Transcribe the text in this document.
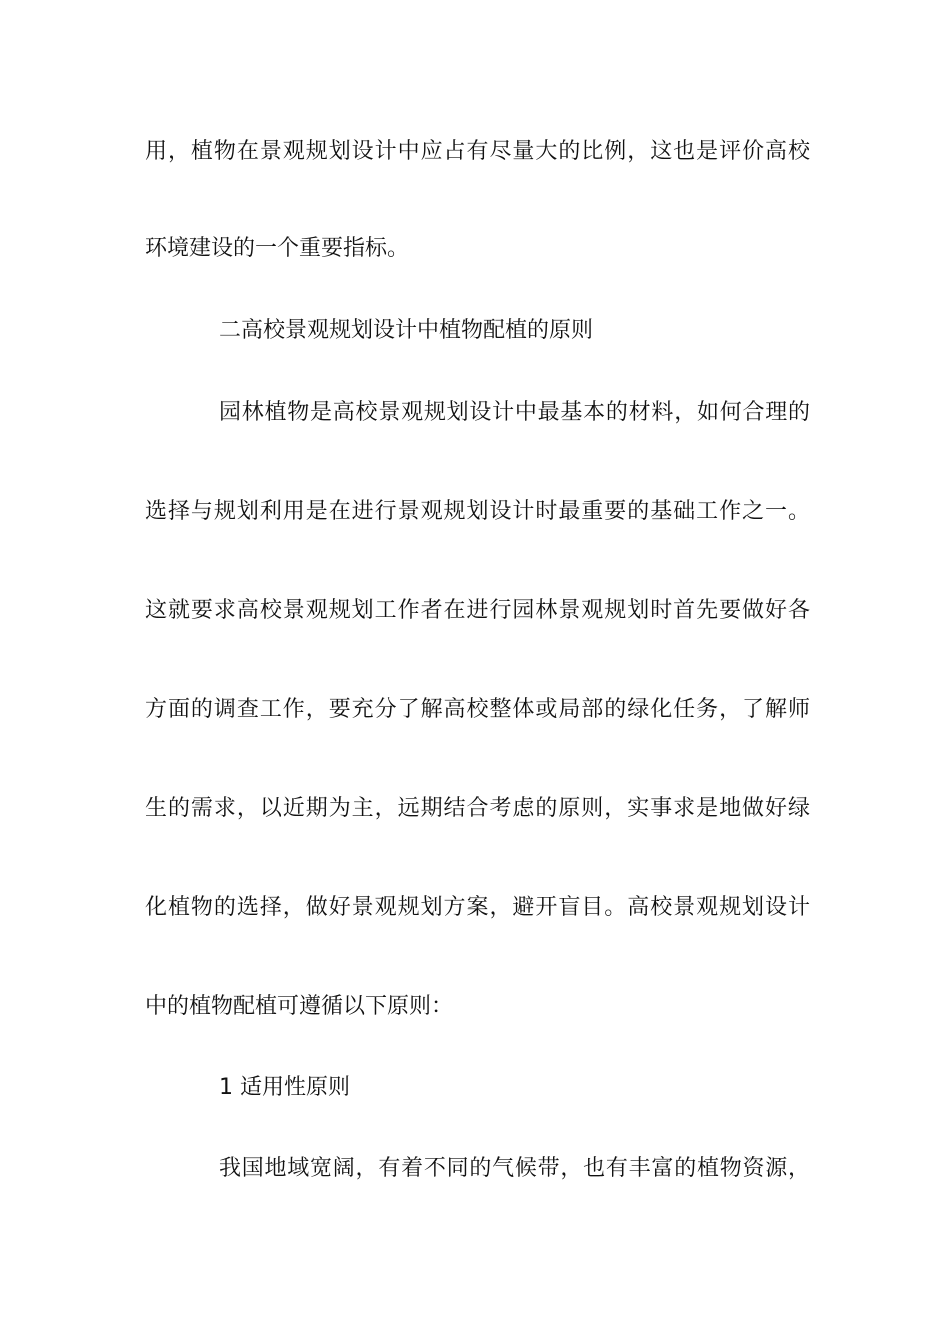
用，植物在景观规划设计中应占有尽量大的比例，这也是评价高校
环境建设的一个重要指标。
二高校景观规划设计中植物配植的原则
园林植物是高校景观规划设计中最基本的材料，如何合理的
选择与规划利用是在进行景观规划设计时最重要的基础工作之一。
这就要求高校景观规划工作者在进行园林景观规划时首先要做好各
方面的调查工作，要充分了解高校整体或局部的绿化任务，了解师
生的需求，以近期为主，远期结合考虑的原则，实事求是地做好绿
化植物的选择，做好景观规划方案，避开盲目。高校景观规划设计
中的植物配植可遵循以下原则：
1 适用性原则
我国地域宽阔，有着不同的气候带，也有丰富的植物资源，
